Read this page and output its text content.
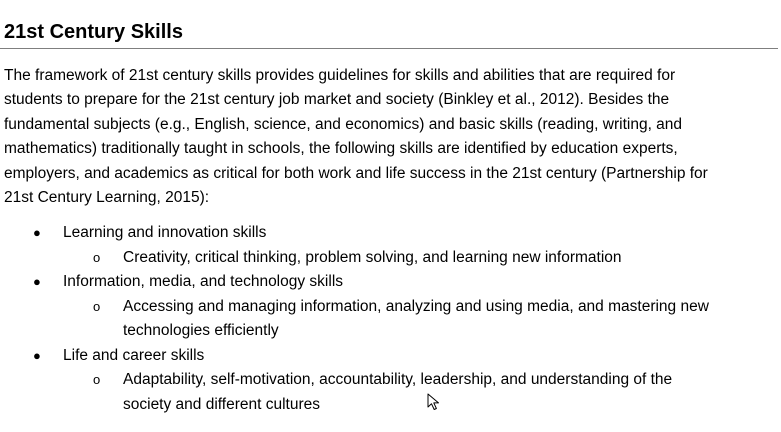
21st Century Skills
The framework of 21st century skills provides guidelines for skills and abilities that are required for
students to prepare for the 21st century job market and society (Binkley et al., 2012). Besides the
fundamental subjects (e.g., English, science, and economics) and basic skills (reading, writing, and
mathematics) traditionally taught in schools, the following skills are identified by education experts,
employers, and academics as critical for both work and life success in the 21st century (Partnership for
21st Century Learning, 2015):
● Learning and innovation skills
o Creativity, critical thinking, problem solving, and learning new information
● Information, media, and technology skills
o Accessing and managing information, analyzing and using media, and mastering new
technologies efficiently
● Life and career skills
o Adaptability, self-motivation, accountability, leadership, and understanding of the
society and different cultures
